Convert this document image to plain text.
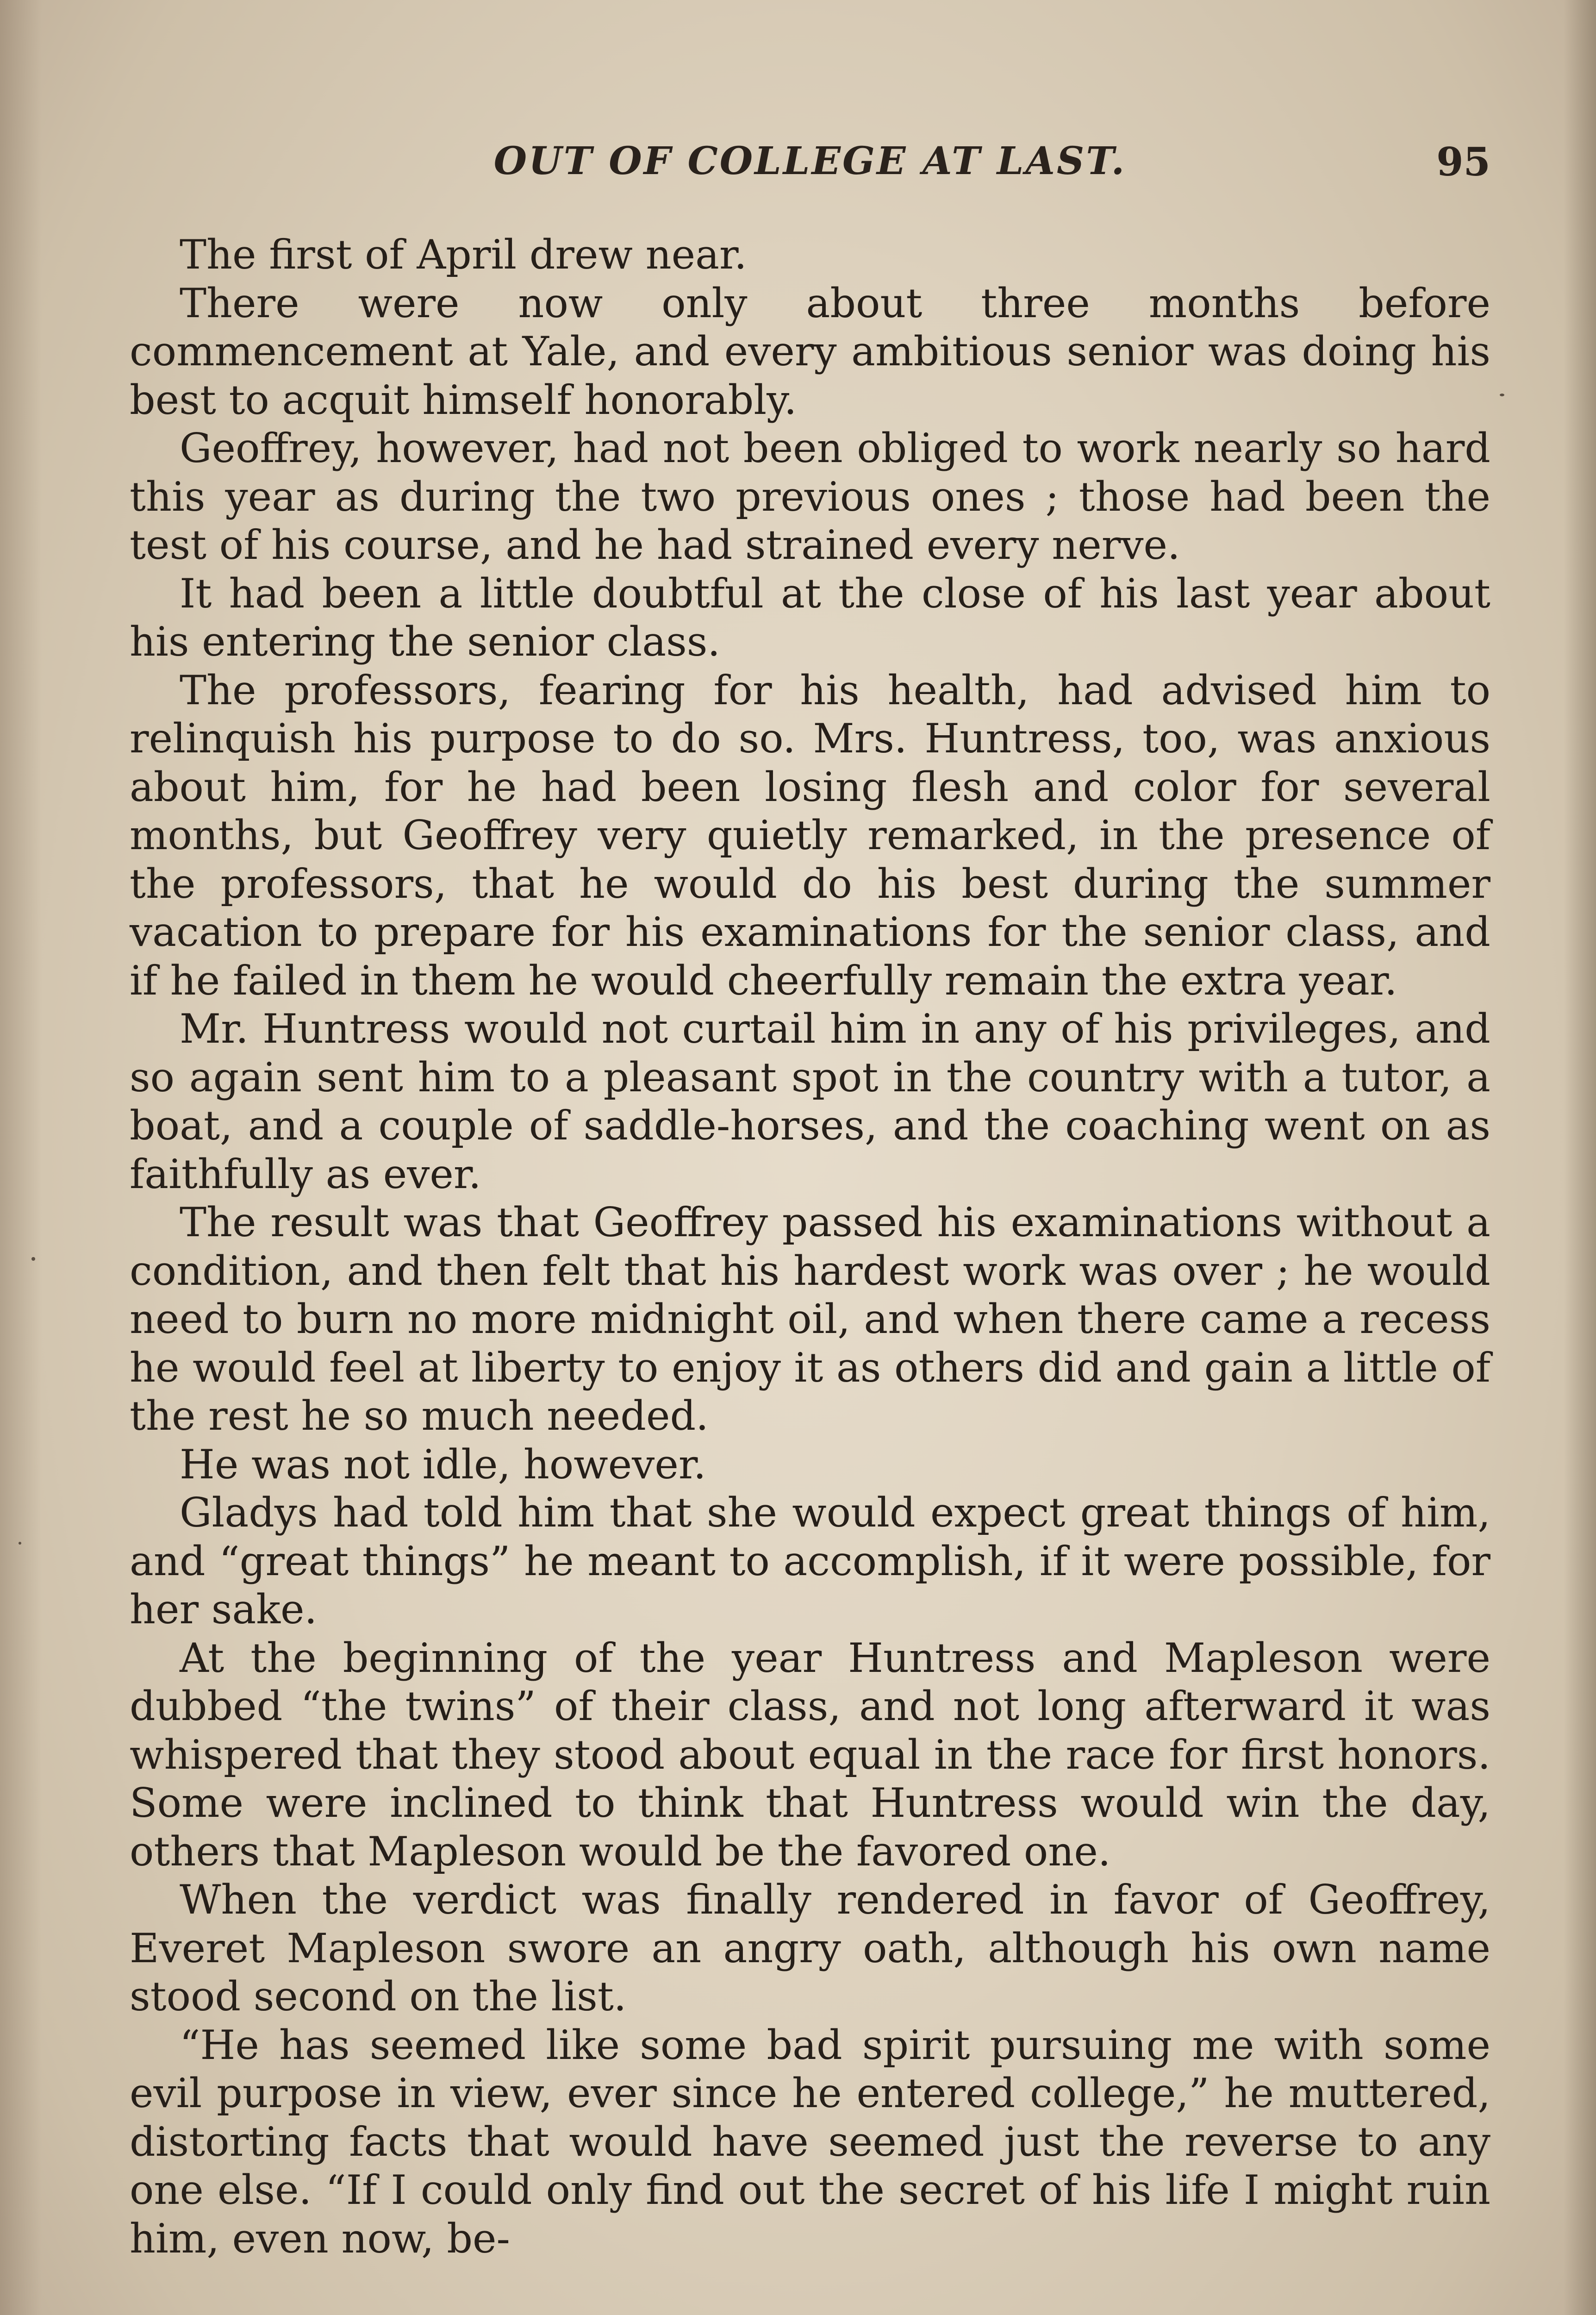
OUT OF COLLEGE AT LAST.	95

The first of April drew near.

There were now only about three months before commencement at Yale, and every ambitious senior was doing his best to acquit himself honorably.

Geoffrey, however, had not been obliged to work nearly so hard this year as during the two previous ones ; those had been the test of his course, and he had strained every nerve.

It had been a little doubtful at the close of his last year about his entering the senior class.

The professors, fearing for his health, had advised him to relinquish his purpose to do so. Mrs. Huntress, too, was anxious about him, for he had been losing flesh and color for several months, but Geoffrey very quietly remarked, in the presence of the professors, that he would do his best during the summer vacation to prepare for his examinations for the senior class, and if he failed in them he would cheerfully remain the extra year.

Mr. Huntress would not curtail him in any of his privileges, and so again sent him to a pleasant spot in the country with a tutor, a boat, and a couple of saddle-horses, and the coaching went on as faithfully as ever.

The result was that Geoffrey passed his examinations without a condition, and then felt that his hardest work was over ; he would need to burn no more midnight oil, and when there came a recess he would feel at liberty to enjoy it as others did and gain a little of the rest he so much needed.

He was not idle, however.

Gladys had told him that she would expect great things of him, and “great things” he meant to accomplish, if it were possible, for her sake.

At the beginning of the year Huntress and Mapleson were dubbed “the twins” of their class, and not long afterward it was whispered that they stood about equal in the race for first honors. Some were inclined to think that Huntress would win the day, others that Mapleson would be the favored one.

When the verdict was finally rendered in favor of Geoffrey, Everet Mapleson swore an angry oath, although his own name stood second on the list.

“He has seemed like some bad spirit pursuing me with some evil purpose in view, ever since he entered college,” he muttered, distorting facts that would have seemed just the reverse to any one else. “If I could only find out the secret of his life I might ruin him, even now, be-
